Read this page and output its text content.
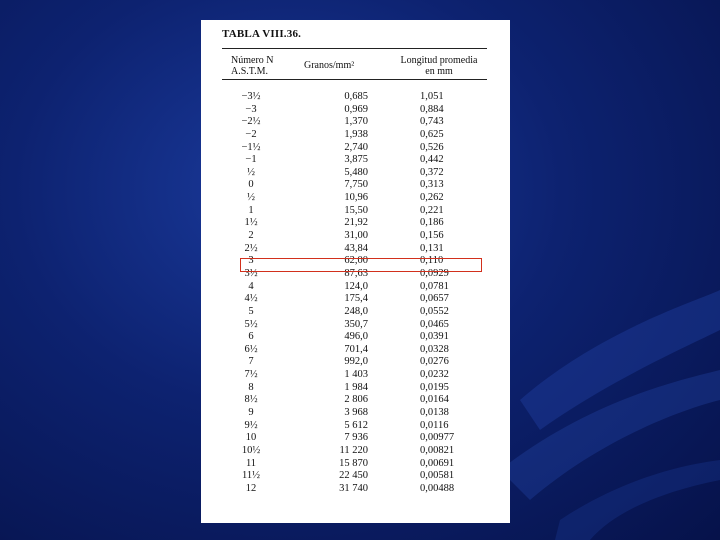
TABLA VIII.36.
Número N
A.S.T.M.
Granos/mm²	Longitud promedia
en mm
−3½	0,685	1,051
−3	0,969	0,884
−2½	1,370	0,743
−2	1,938	0,625
−1½	2,740	0,526
−1	3,875	0,442
½	5,480	0,372
0	7,750	0,313
½	10,96	0,262
1	15,50	0,221
1½	21,92	0,186
2	31,00	0,156
2½	43,84	0,131
3	62,00	0,110
3½	87,63	0,0929
4	124,0	0,0781
4½	175,4	0,0657
5	248,0	0,0552
5½	350,7	0,0465
6	496,0	0,0391
6½	701,4	0,0328
7	992,0	0,0276
7½	1 403	0,0232
8	1 984	0,0195
8½	2 806	0,0164
9	3 968	0,0138
9½	5 612	0,0116
10	7 936	0,00977
10½	11 220	0,00821
11	15 870	0,00691
11½	22 450	0,00581
12	31 740	0,00488
